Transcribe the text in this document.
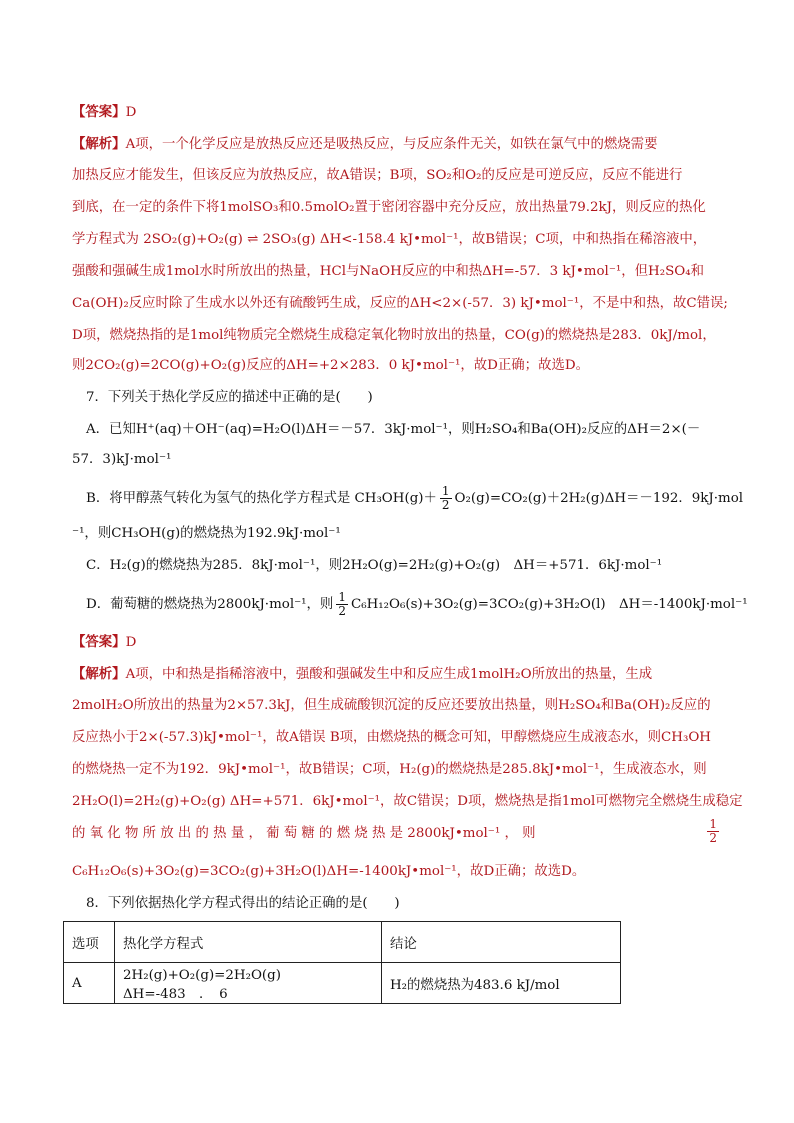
【答案】D
【解析】A项，一个化学反应是放热反应还是吸热反应，与反应条件无关，如铁在氯气中的燃烧需要
加热反应才能发生，但该反应为放热反应，故A错误；B项，SO₂和O₂的反应是可逆反应，反应不能进行
到底，在一定的条件下将1molSO₃和0.5molO₂置于密闭容器中充分反应，放出热量79.2kJ，则反应的热化
学方程式为 2SO₂(g)+O₂(g) ⇌ 2SO₃(g) ΔH<-158.4 kJ•mol⁻¹，故B错误；C项，中和热指在稀溶液中，
强酸和强碱生成1mol水时所放出的热量，HCl与NaOH反应的中和热ΔH=-57．3 kJ•mol⁻¹，但H₂SO₄和
Ca(OH)₂反应时除了生成水以外还有硫酸钙生成，反应的ΔH<2×(-57．3) kJ•mol⁻¹，不是中和热，故C错误;
D项，燃烧热指的是1mol纯物质完全燃烧生成稳定氧化物时放出的热量，CO(g)的燃烧热是283．0kJ/mol，
则2CO₂(g)=2CO(g)+O₂(g)反应的ΔH=+2×283．0 kJ•mol⁻¹，故D正确；故选D。
7．下列关于热化学反应的描述中正确的是(　　)
A．已知H⁺(aq)＋OH⁻(aq)=H₂O(l)ΔH＝－57．3kJ·mol⁻¹，则H₂SO₄和Ba(OH)₂反应的ΔH＝2×(－
57．3)kJ·mol⁻¹
B．将甲醇蒸气转化为氢气的热化学方程式是 $CH_3OH(g)+ \frac{1}{2} O_2(g)=CO_2(g)+2H_2(g)\Delta H=-192$．9kJ·mol
⁻¹，则CH₃OH(g)的燃烧热为192.9kJ·mol⁻¹
C．H₂(g)的燃烧热为285．8kJ·mol⁻¹，则2H₂O(g)=2H₂(g)+O₂(g)　ΔH＝+571．6kJ·mol⁻¹
D．葡萄糖的燃烧热为2800kJ·mol⁻¹，则 $\frac{1}{2} C_6H_{12}O_6(s)+3O_2(g)=3CO_2(g)+3H_2O(l)$　ΔH＝-1400kJ·mol⁻¹
【答案】D
【解析】A项，中和热是指稀溶液中，强酸和强碱发生中和反应生成1molH₂O所放出的热量，生成
2molH₂O所放出的热量为2×57.3kJ，但生成硫酸钡沉淀的反应还要放出热量，则H₂SO₄和Ba(OH)₂反应的
反应热小于2×(-57.3)kJ•mol⁻¹，故A错误 B项，由燃烧热的概念可知，甲醇燃烧应生成液态水，则CH₃OH
的燃烧热一定不为192．9kJ•mol⁻¹，故B错误；C项，H₂(g)的燃烧热是285.8kJ•mol⁻¹，生成液态水，则
2H₂O(l)=2H₂(g)+O₂(g) ΔH=+571．6kJ•mol⁻¹，故C错误；D项，燃烧热是指1mol可燃物完全燃烧生成稳定
的 氧 化 物 所 放 出 的 热 量 ， 葡 萄 糖 的 燃 烧 热 是 2800kJ•mol⁻¹ ， 则	$\frac{1}{2}$
C₆H₁₂O₆(s)+3O₂(g)=3CO₂(g)+3H₂O(l)ΔH=-1400kJ•mol⁻¹，故D正确；故选D。
8．下列依据热化学方程式得出的结论正确的是(　　)
选项	热化学方程式	结论
A	2H₂(g)+O₂(g)=2H₂O(g)　　ΔH=-483　．　6	H₂的燃烧热为483.6 kJ/mol
